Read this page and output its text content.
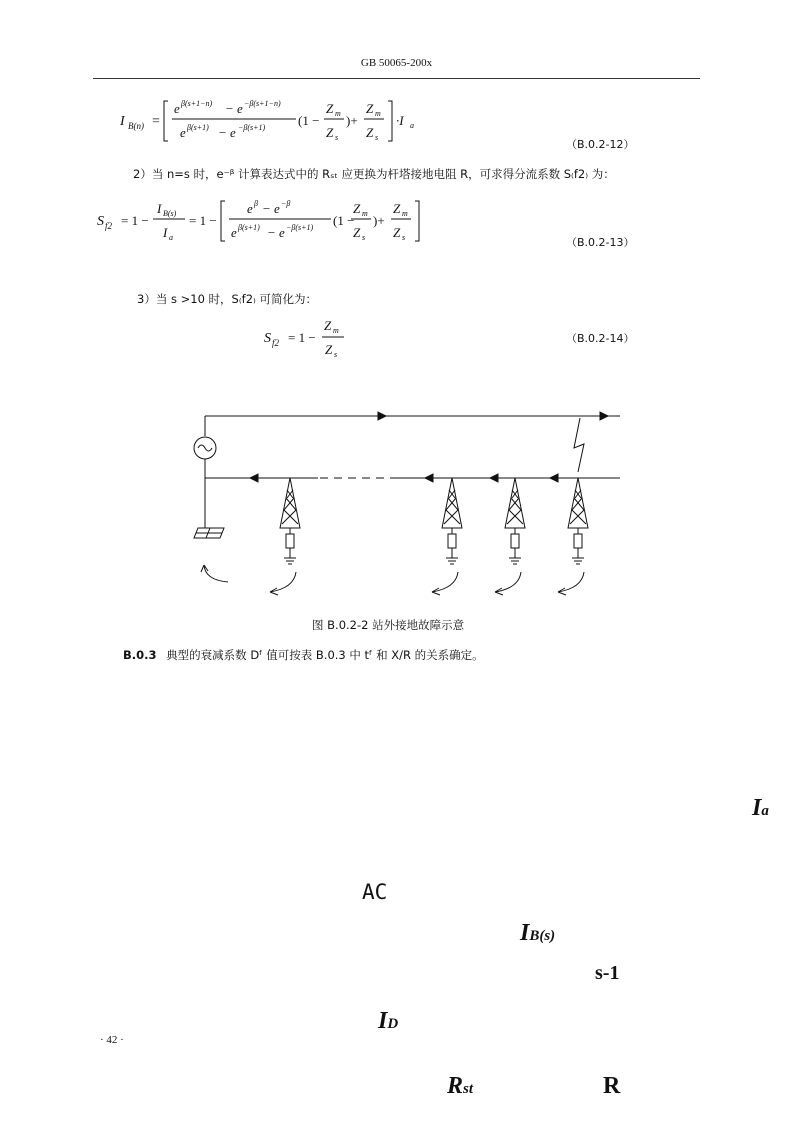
GB 50065-200x
I B(n) =
e β(s+1−n) − e −β(s+1−n)
e β(s+1) − e −β(s+1)	(1 −
Z m
Z s
)+
Z m
Z s
·I a
（B.0.2-12）
2）当 n=s 时，e⁻ᵝ 计算表达式中的 Rₛₜ 应更换为杆塔接地电阻 R，可求得分流系数 S₍f2₎ 为：
S f2 = 1 −
I B(s)
I a
= 1 −
e β − e −β
e β(s+1) − e −β(s+1) (1 −
Z m
Z s
)+
Z m
Z s	（B.0.2-13）
3）当 s >10 时，S₍f2₎ 可简化为：
S f2 = 1 −
Z m
Z s
（B.0.2-14）
图 B.0.2-2 站外接地故障示意
B.0.3 典型的衰减系数 Dᶠ 值可按表 B.0.3 中 tᶠ 和 X/R 的关系确定。
Ia
AC
IB(s)
s-1
ID
· 42 ·
Rst	R
